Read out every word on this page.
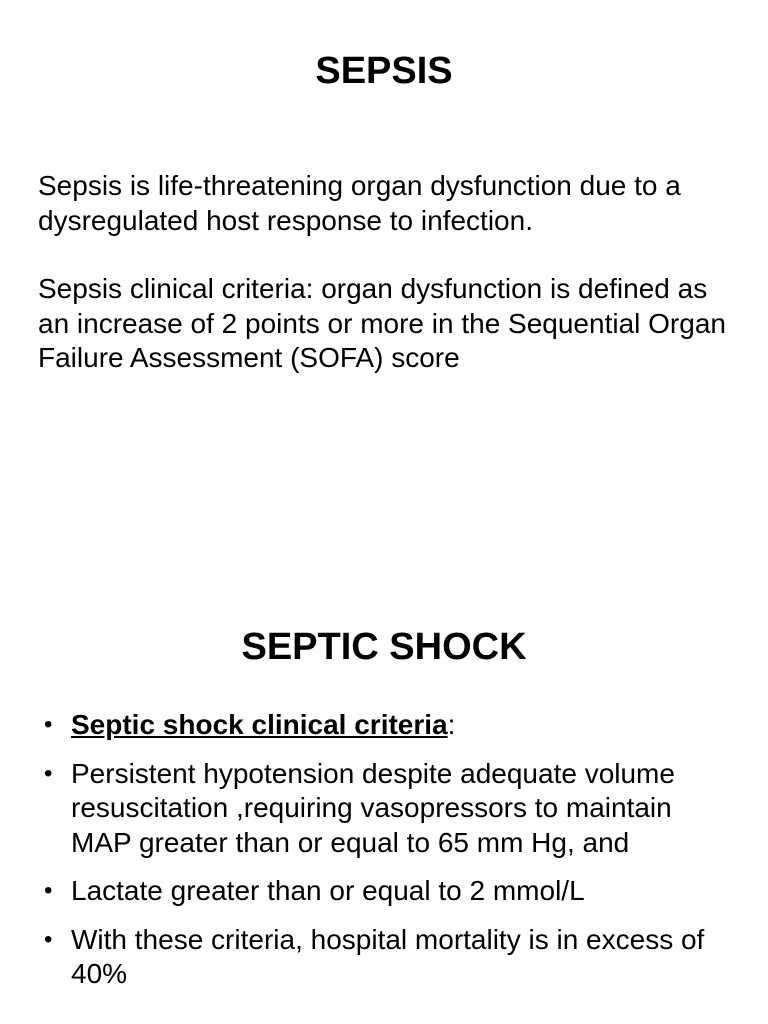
SEPSIS

Sepsis is life-threatening organ dysfunction due to a dysregulated host response to infection.

Sepsis clinical criteria: organ dysfunction is defined as an increase of 2 points or more in the Sequential Organ Failure Assessment (SOFA) score

SEPTIC SHOCK
• Septic shock clinical criteria:
• Persistent hypotension despite adequate volume resuscitation ,requiring vasopressors to maintain MAP greater than or equal to 65 mm Hg, and
• Lactate greater than or equal to 2 mmol/L
• With these criteria, hospital mortality is in excess of 40%
